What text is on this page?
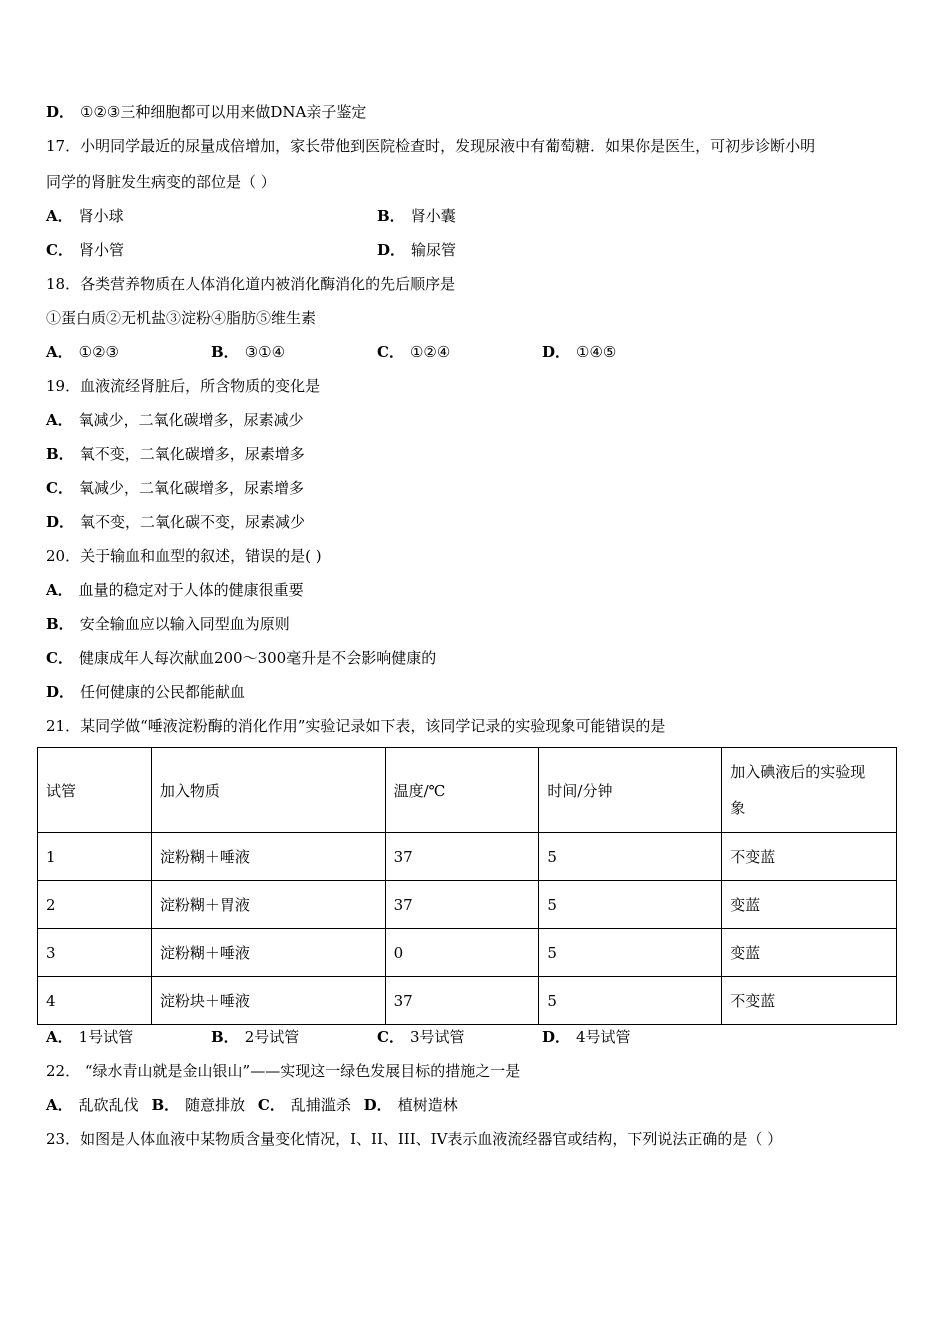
D． ①②③三种细胞都可以用来做DNA亲子鉴定
17．小明同学最近的尿量成倍增加，家长带他到医院检查时，发现尿液中有葡萄糖．如果你是医生，可初步诊断小明
同学的肾脏发生病变的部位是（ ）
A． 肾小球	B． 肾小囊
C． 肾小管	D． 输尿管
18．各类营养物质在人体消化道内被消化酶消化的先后顺序是
①蛋白质②无机盐③淀粉④脂肪⑤维生素
A． ①②③	B． ③①④	C． ①②④	D． ①④⑤
19．血液流经肾脏后，所含物质的变化是
A． 氧减少，二氧化碳增多，尿素减少
B． 氧不变，二氧化碳增多，尿素增多
C． 氧减少，二氧化碳增多，尿素增多
D． 氧不变，二氧化碳不变，尿素减少
20．关于输血和血型的叙述，错误的是( )
A． 血量的稳定对于人体的健康很重要
B． 安全输血应以输入同型血为原则
C． 健康成年人每次献血200～300毫升是不会影响健康的
D． 任何健康的公民都能献血
21．某同学做“唾液淀粉酶的消化作用”实验记录如下表，该同学记录的实验现象可能错误的是
试管	加入物质	温度/℃	时间/分钟	加入碘液后的实验现
象
1	淀粉糊＋唾液	37	5	不变蓝
2	淀粉糊＋胃液	37	5	变蓝
3	淀粉糊＋唾液	0	5	变蓝
4	淀粉块＋唾液	37	5	不变蓝
A． 1号试管	B． 2号试管	C． 3号试管	D． 4号试管
22． “绿水青山就是金山银山”——实现这一绿色发展目标的措施之一是
A． 乱砍乱伐 B． 随意排放 C． 乱捕滥杀 D． 植树造林
23．如图是人体血液中某物质含量变化情况，I、II、III、IV表示血液流经器官或结构，下列说法正确的是（ ）
